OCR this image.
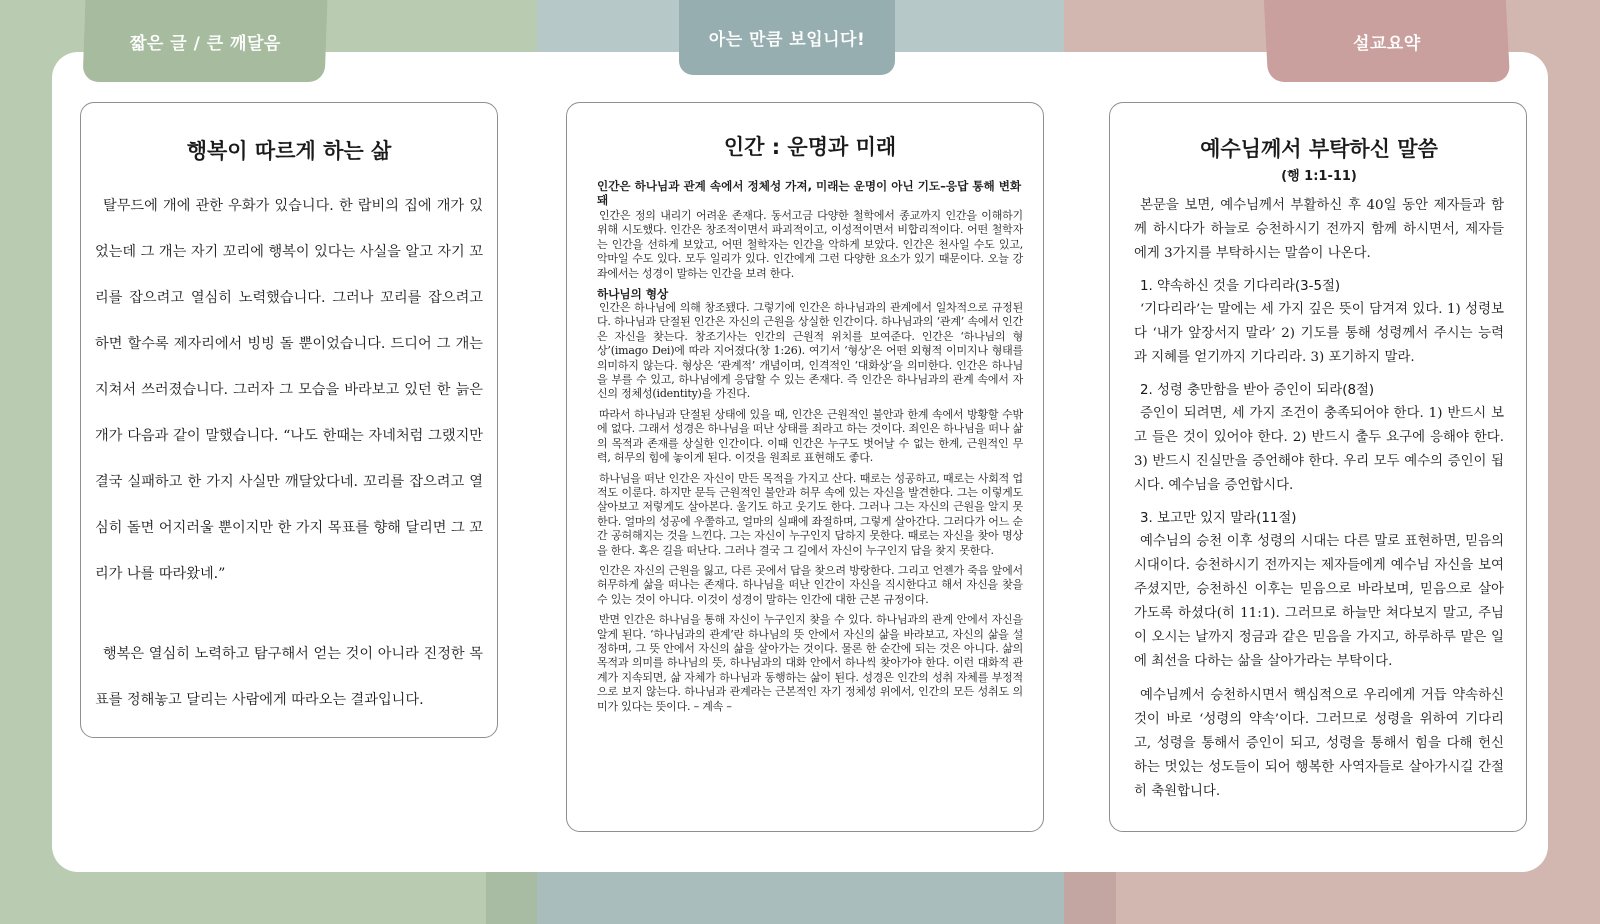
짧은 글 / 큰 깨달음	아는 만큼 보입니다!	설교요약
행복이 따르게 하는 삶

탈무드에 개에 관한 우화가 있습니다. 한 랍비의 집에 개가 있었는데 그 개는 자기 꼬리에 행복이 있다는 사실을 알고 자기 꼬리를 잡으려고 열심히 노력했습니다. 그러나 꼬리를 잡으려고 하면 할수록 제자리에서 빙빙 돌 뿐이었습니다. 드디어 그 개는 지쳐서 쓰러졌습니다. 그러자 그 모습을 바라보고 있던 한 늙은 개가 다음과 같이 말했습니다. “나도 한때는 자네처럼 그랬지만 결국 실패하고 한 가지 사실만 깨달았다네. 꼬리를 잡으려고 열심히 돌면 어지러울 뿐이지만 한 가지 목표를 향해 달리면 그 꼬리가 나를 따라왔네.”

행복은 열심히 노력하고 탐구해서 얻는 것이 아니라 진정한 목표를 정해놓고 달리는 사람에게 따라오는 결과입니다.

인간 : 운명과 미래
인간은 하나님과 관계 속에서 정체성 가져, 미래는 운명이 아닌 기도–응답 통해 변화돼

인간은 정의 내리기 어려운 존재다. 동서고금 다양한 철학에서 종교까지 인간을 이해하기 위해 시도했다. 인간은 창조적이면서 파괴적이고, 이성적이면서 비합리적이다. 어떤 철학자는 인간을 선하게 보았고, 어떤 철학자는 인간을 악하게 보았다. 인간은 천사일 수도 있고, 악마일 수도 있다. 모두 일리가 있다. 인간에게 그런 다양한 요소가 있기 때문이다. 오늘 강좌에서는 성경이 말하는 인간을 보려 한다.

하나님의 형상

인간은 하나님에 의해 창조됐다. 그렇기에 인간은 하나님과의 관계에서 일차적으로 규정된다. 하나님과 단절된 인간은 자신의 근원을 상실한 인간이다. 하나님과의 ‘관계’ 속에서 인간은 자신을 찾는다. 창조기사는 인간의 근원적 위치를 보여준다. 인간은 ‘하나님의 형상’(imago Dei)에 따라 지어졌다(창 1:26). 여기서 ‘형상’은 어떤 외형적 이미지나 형태를 의미하지 않는다. 형상은 ‘관계적’ 개념이며, 인격적인 ‘대화상’을 의미한다. 인간은 하나님을 부를 수 있고, 하나님에게 응답할 수 있는 존재다. 즉 인간은 하나님과의 관계 속에서 자신의 정체성(identity)을 가진다.

따라서 하나님과 단절된 상태에 있을 때, 인간은 근원적인 불안과 한계 속에서 방황할 수밖에 없다. 그래서 성경은 하나님을 떠난 상태를 죄라고 하는 것이다. 죄인은 하나님을 떠나 삶의 목적과 존재를 상실한 인간이다. 이때 인간은 누구도 벗어날 수 없는 한계, 근원적인 무력, 허무의 힘에 놓이게 된다. 이것을 원죄로 표현해도 좋다.

하나님을 떠난 인간은 자신이 만든 목적을 가지고 산다. 때로는 성공하고, 때로는 사회적 업적도 이룬다. 하지만 문득 근원적인 불안과 허무 속에 있는 자신을 발견한다. 그는 이렇게도 살아보고 저렇게도 살아본다. 울기도 하고 웃기도 한다. 그러나 그는 자신의 근원을 알지 못한다. 얼마의 성공에 우쭐하고, 얼마의 실패에 좌절하며, 그렇게 살아간다. 그러다가 어느 순간 공허해지는 것을 느낀다. 그는 자신이 누구인지 답하지 못한다. 때로는 자신을 찾아 명상을 한다. 혹은 길을 떠난다. 그러나 결국 그 길에서 자신이 누구인지 답을 찾지 못한다.

인간은 자신의 근원을 잃고, 다른 곳에서 답을 찾으려 방랑한다. 그리고 언젠가 죽음 앞에서 허무하게 삶을 떠나는 존재다. 하나님을 떠난 인간이 자신을 직시한다고 해서 자신을 찾을 수 있는 것이 아니다. 이것이 성경이 말하는 인간에 대한 근본 규정이다.

반면 인간은 하나님을 통해 자신이 누구인지 찾을 수 있다. 하나님과의 관계 안에서 자신을 알게 된다. ‘하나님과의 관계’란 하나님의 뜻 안에서 자신의 삶을 바라보고, 자신의 삶을 설정하며, 그 뜻 안에서 자신의 삶을 살아가는 것이다. 물론 한 순간에 되는 것은 아니다. 삶의 목적과 의미를 하나님의 뜻, 하나님과의 대화 안에서 하나씩 찾아가야 한다. 이런 대화적 관계가 지속되면, 삶 자체가 하나님과 동행하는 삶이 된다. 성경은 인간의 성취 자체를 부정적으로 보지 않는다. 하나님과 관계라는 근본적인 자기 정체성 위에서, 인간의 모든 성취도 의미가 있다는 뜻이다. – 계속 –

예수님께서 부탁하신 말씀
(행 1:1-11)

본문을 보면, 예수님께서 부활하신 후 40일 동안 제자들과 함께 하시다가 하늘로 승천하시기 전까지 함께 하시면서, 제자들에게 3가지를 부탁하시는 말씀이 나온다.

1. 약속하신 것을 기다리라(3-5절)

‘기다리라’는 말에는 세 가지 깊은 뜻이 담겨져 있다. 1) 성령보다 ‘내가 앞장서지 말라’ 2) 기도를 통해 성령께서 주시는 능력과 지혜를 얻기까지 기다리라. 3) 포기하지 말라.

2. 성령 충만함을 받아 증인이 되라(8절)

증인이 되려면, 세 가지 조건이 충족되어야 한다. 1) 반드시 보고 들은 것이 있어야 한다. 2) 반드시 출두 요구에 응해야 한다. 3) 반드시 진실만을 증언해야 한다. 우리 모두 예수의 증인이 됩시다. 예수님을 증언합시다.

3. 보고만 있지 말라(11절)

예수님의 승천 이후 성령의 시대는 다른 말로 표현하면, 믿음의 시대이다. 승천하시기 전까지는 제자들에게 예수님 자신을 보여주셨지만, 승천하신 이후는 믿음으로 바라보며, 믿음으로 살아가도록 하셨다(히 11:1). 그러므로 하늘만 쳐다보지 말고, 주님이 오시는 날까지 정금과 같은 믿음을 가지고, 하루하루 맡은 일에 최선을 다하는 삶을 살아가라는 부탁이다.

예수님께서 승천하시면서 핵심적으로 우리에게 거듭 약속하신 것이 바로 ‘성령의 약속’이다. 그러므로 성령을 위하여 기다리고, 성령을 통해서 증인이 되고, 성령을 통해서 힘을 다해 헌신하는 멋있는 성도들이 되어 행복한 사역자들로 살아가시길 간절히 축원합니다.
